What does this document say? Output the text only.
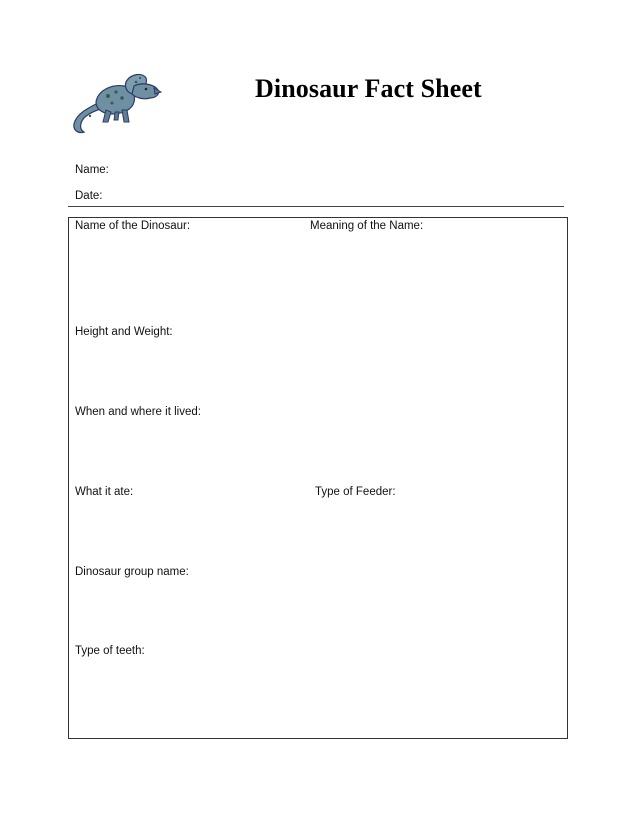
Dinosaur Fact Sheet
Name:
Date:
Name of the Dinosaur:	Meaning of the Name:
Height and Weight:
When and where it lived:
What it ate:	Type of Feeder:
Dinosaur group name:
Type of teeth:
